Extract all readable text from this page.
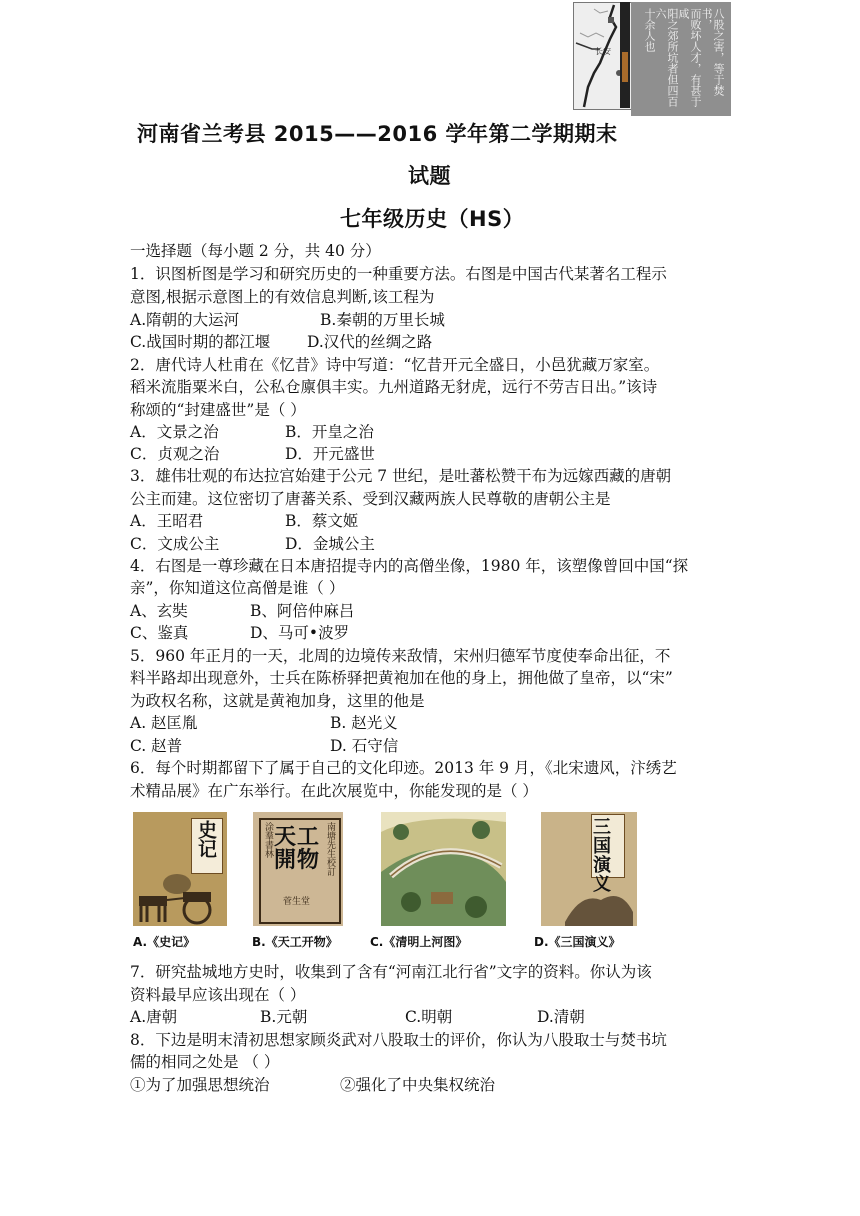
长安	八股之害，等于焚书，
而败坏人才，有甚于咸
阳之郊所坑者但四百六
十余人也
河南省兰考县 2015——2016 学年第二学期期末
试题
七年级历史（HS）
一选择题（每小题 2 分，共 40 分）
1．识图析图是学习和研究历史的一种重要方法。右图是中国古代某著名工程示
意图,根据示意图上的有效信息判断,该工程为
A.隋朝的大运河	B.秦朝的万里长城
C.战国时期的都江堰 D.汉代的丝绸之路
2．唐代诗人杜甫在《忆昔》诗中写道：“忆昔开元全盛日，小邑犹藏万家室。
稻米流脂粟米白，公私仓廪俱丰实。九州道路无豺虎，远行不劳吉日出。”该诗
称颂的“封建盛世”是（ ）
A．文景之治	B．开皇之治
C．贞观之治	D．开元盛世
3．雄伟壮观的布达拉宫始建于公元 7 世纪，是吐蕃松赞干布为远嫁西藏的唐朝
公主而建。这位密切了唐蕃关系、受到汉藏两族人民尊敬的唐朝公主是
A．王昭君	B．蔡文姬
C．文成公主	D．金城公主
4．右图是一尊珍藏在日本唐招提寺内的高僧坐像，1980 年，该塑像曾回中国“探
亲”，你知道这位高僧是谁（ ）
A、玄奘	B、阿倍仲麻吕
C、鉴真	D、马可•波罗
5．960 年正月的一天，北周的边境传来敌情，宋州归德军节度使奉命出征，不
料半路却出现意外，士兵在陈桥驿把黄袍加在他的身上，拥他做了皇帝，以“宋”
为政权名称，这就是黄袍加身，这里的他是
A. 赵匡胤	B. 赵光义
C. 赵普	D. 石守信
6．每个时期都留下了属于自己的文化印迹。2013 年 9 月，《北宋遗风，汴绣艺
术精品展》在广东举行。在此次展览中，你能发现的是（ ）
史记	涂羣書林	南塘先生校訂
天工開物
菅生堂
三国演义
A.《史记》	B.《天工开物》	C.《清明上河图》	D.《三国演义》
7．研究盐城地方史时，收集到了含有“河南江北行省”文字的资料。你认为该
资料最早应该出现在（ ）
A.唐朝	B.元朝	C.明朝	D.清朝
8．下边是明末清初思想家顾炎武对八股取士的评价，你认为八股取士与焚书坑
儒的相同之处是 （ ）
①为了加强思想统治	②强化了中央集权统治
